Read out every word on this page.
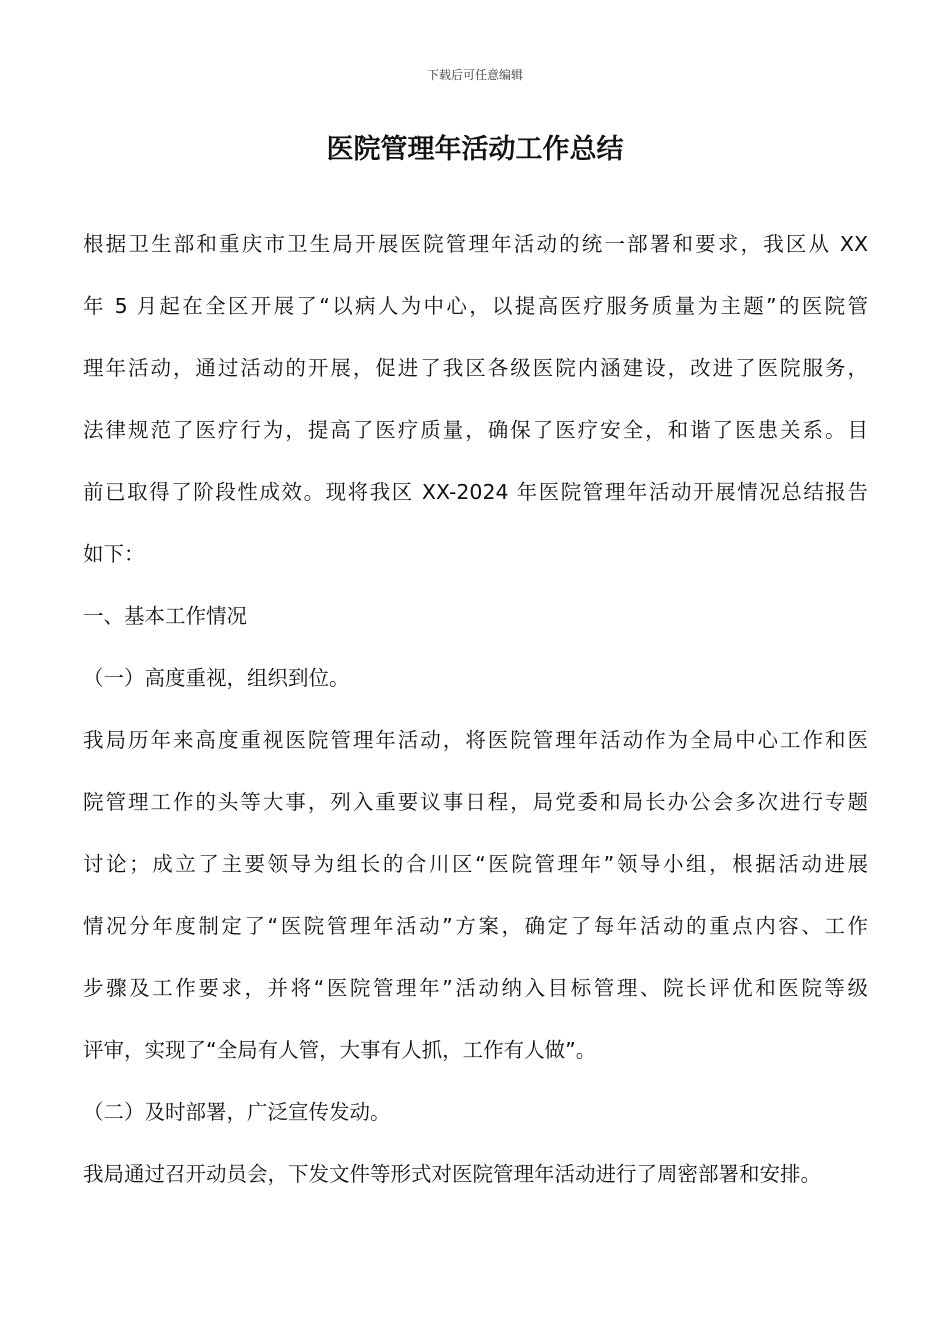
下载后可任意编辑
医院管理年活动工作总结
根据卫生部和重庆市卫生局开展医院管理年活动的统一部署和要求，我区从 XX
年 5 月起在全区开展了“以病人为中心，以提高医疗服务质量为主题”的医院管
理年活动，通过活动的开展，促进了我区各级医院内涵建设，改进了医院服务，
法律规范了医疗行为，提高了医疗质量，确保了医疗安全，和谐了医患关系。目
前已取得了阶段性成效。现将我区 XX-2024 年医院管理年活动开展情况总结报告
如下：
一、基本工作情况
（一）高度重视，组织到位。
我局历年来高度重视医院管理年活动，将医院管理年活动作为全局中心工作和医
院管理工作的头等大事，列入重要议事日程，局党委和局长办公会多次进行专题
讨论；成立了主要领导为组长的合川区“医院管理年”领导小组，根据活动进展
情况分年度制定了“医院管理年活动”方案，确定了每年活动的重点内容、工作
步骤及工作要求，并将“医院管理年”活动纳入目标管理、院长评优和医院等级
评审，实现了“全局有人管，大事有人抓，工作有人做”。
（二）及时部署，广泛宣传发动。
我局通过召开动员会，下发文件等形式对医院管理年活动进行了周密部署和安排。
